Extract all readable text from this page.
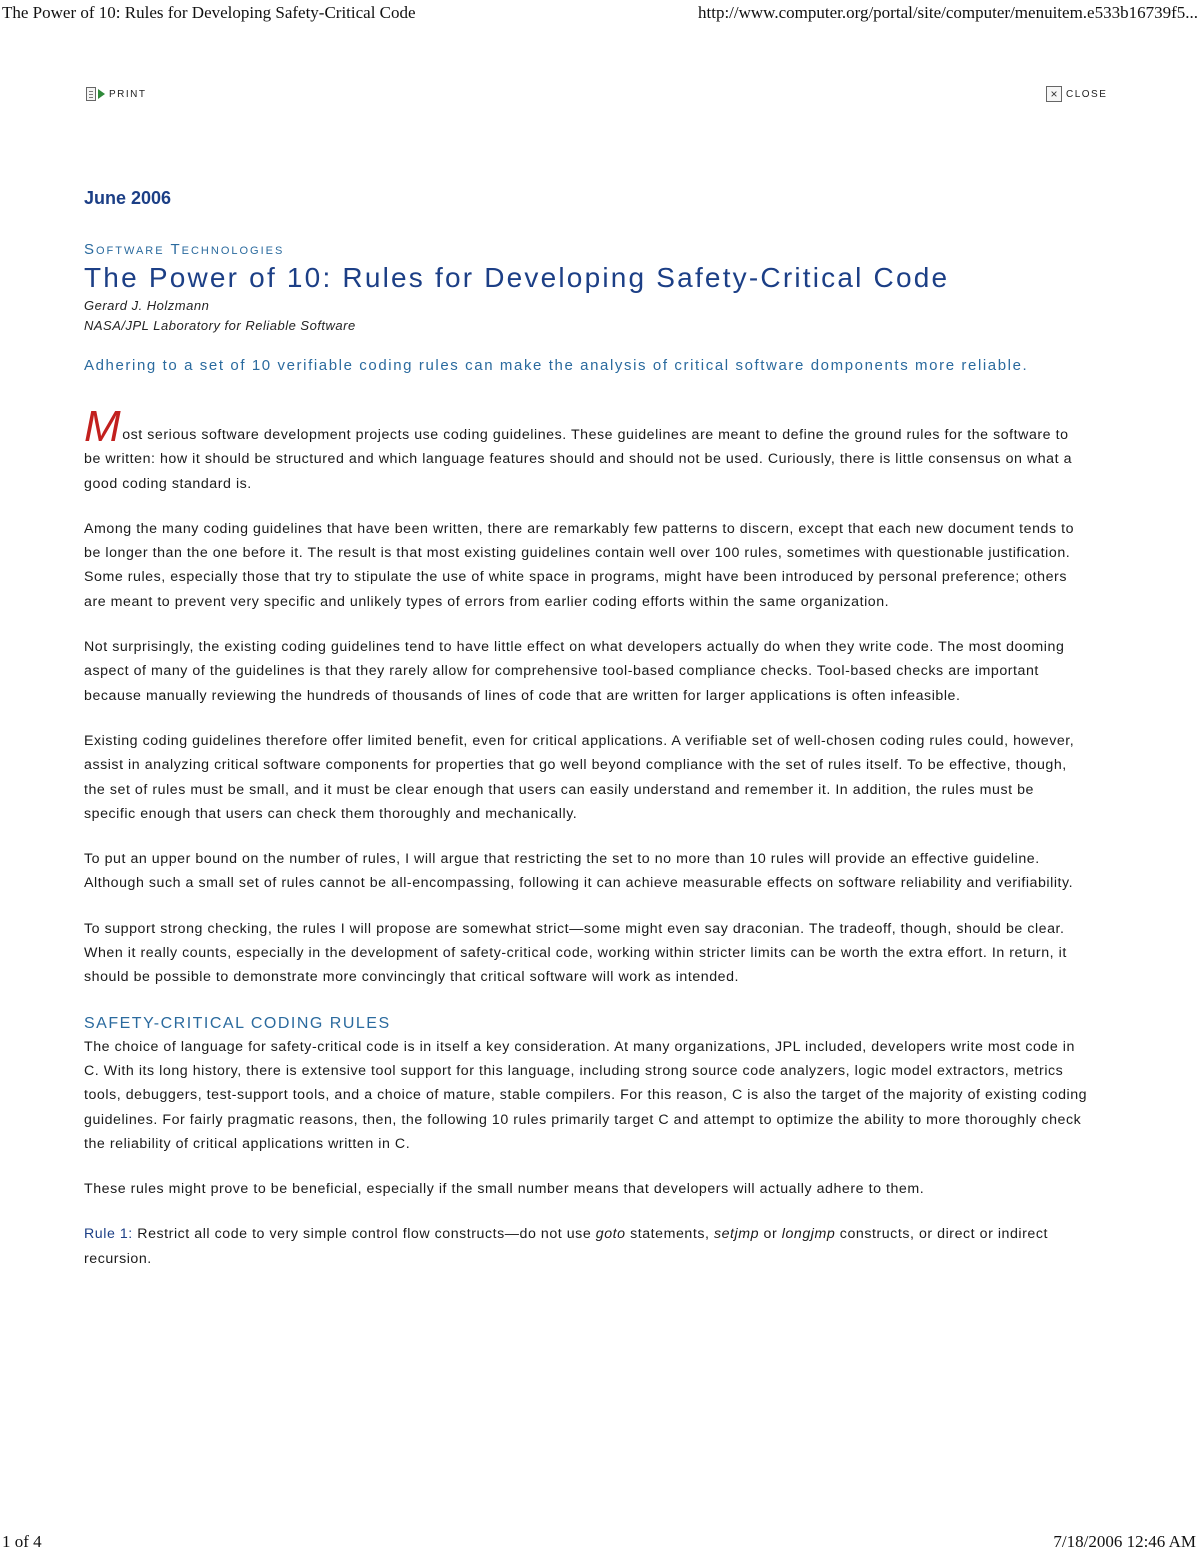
The Power of 10: Rules for Developing Safety-Critical Code	http://www.computer.org/portal/site/computer/menuitem.e533b16739f5...
PRINT	× CLOSE
June 2006
Software Technologies
The Power of 10: Rules for Developing Safety-Critical Code
Gerard J. Holzmann
NASA/JPL Laboratory for Reliable Software
Adhering to a set of 10 verifiable coding rules can make the analysis of critical software domponents more reliable.

Most serious software development projects use coding guidelines. These guidelines are meant to define the ground rules for the software to be written: how it should be structured and which language features should and should not be used. Curiously, there is little consensus on what a good coding standard is.

Among the many coding guidelines that have been written, there are remarkably few patterns to discern, except that each new document tends to be longer than the one before it. The result is that most existing guidelines contain well over 100 rules, sometimes with questionable justification. Some rules, especially those that try to stipulate the use of white space in programs, might have been introduced by personal preference; others are meant to prevent very specific and unlikely types of errors from earlier coding efforts within the same organization.

Not surprisingly, the existing coding guidelines tend to have little effect on what developers actually do when they write code. The most dooming aspect of many of the guidelines is that they rarely allow for comprehensive tool-based compliance checks. Tool-based checks are important because manually reviewing the hundreds of thousands of lines of code that are written for larger applications is often infeasible.

Existing coding guidelines therefore offer limited benefit, even for critical applications. A verifiable set of well-chosen coding rules could, however, assist in analyzing critical software components for properties that go well beyond compliance with the set of rules itself. To be effective, though, the set of rules must be small, and it must be clear enough that users can easily understand and remember it. In addition, the rules must be specific enough that users can check them thoroughly and mechanically.

To put an upper bound on the number of rules, I will argue that restricting the set to no more than 10 rules will provide an effective guideline. Although such a small set of rules cannot be all-encompassing, following it can achieve measurable effects on software reliability and verifiability.

To support strong checking, the rules I will propose are somewhat strict—some might even say draconian. The tradeoff, though, should be clear. When it really counts, especially in the development of safety-critical code, working within stricter limits can be worth the extra effort. In return, it should be possible to demonstrate more convincingly that critical software will work as intended.

SAFETY-CRITICAL CODING RULES

The choice of language for safety-critical code is in itself a key consideration. At many organizations, JPL included, developers write most code in C. With its long history, there is extensive tool support for this language, including strong source code analyzers, logic model extractors, metrics tools, debuggers, test-support tools, and a choice of mature, stable compilers. For this reason, C is also the target of the majority of existing coding guidelines. For fairly pragmatic reasons, then, the following 10 rules primarily target C and attempt to optimize the ability to more thoroughly check the reliability of critical applications written in C.

These rules might prove to be beneficial, especially if the small number means that developers will actually adhere to them.

Rule 1: Restrict all code to very simple control flow constructs—do not use goto statements, setjmp or longjmp constructs, or direct or indirect recursion.

1 of 4	7/18/2006 12:46 AM
